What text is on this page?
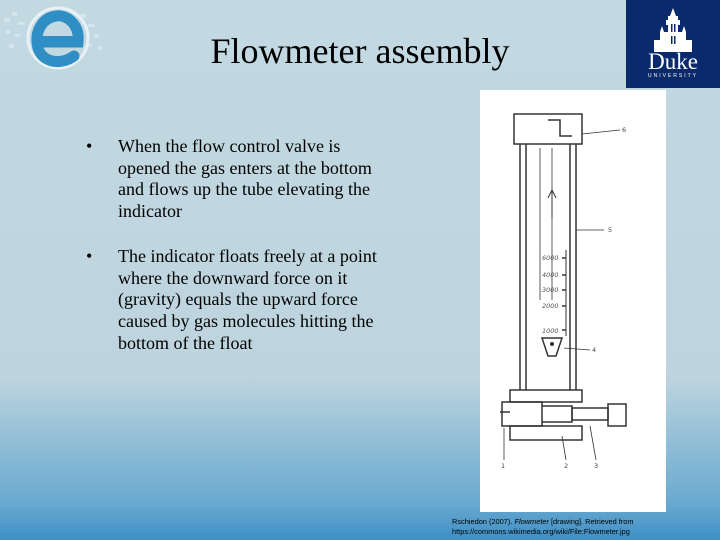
Duke
UNIVERSITY
Flowmeter assembly
• When the flow control valve is opened the gas enters at the bottom and flows up the tube elevating the indicator
• The indicator floats freely at a point where the downward force on it (gravity) equals the upward force caused by gas molecules hitting the bottom of the float
6000
4000
3000
2000
1000
6
5
4
1	2	3
Rschiedon (2007). Flowmeter [drawing]. Retrieved from
https://commons.wikimedia.org/wiki/File:Flowmeter.jpg
